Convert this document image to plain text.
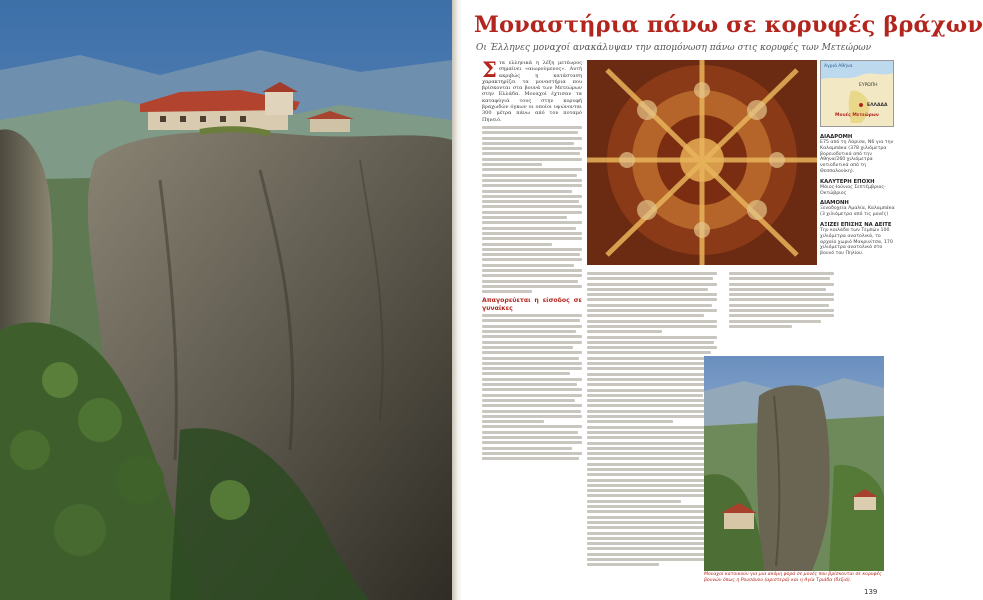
Μοναστήρια πάνω σε κορυφές βράχων
Οι Έλληνες μοναχοί ανακάλυψαν την απομόνωση πάνω στις κορυφές των Μετεώρων
Σ τα ελληνικά η λέξη μετέωρος σημαίνει «αιωρούμενος». Αυτή ακριβώς η κατάσταση χαρακτηρίζει τα μοναστήρια που βρίσκονται στα βουνά των Μετεώρων στην Ελλάδα. Μοναχοί έχτισαν τα καταφύγιά τους στην κορυφή βραχωδών όγκων οι οποίοι υψώνονται 300 μέτρα πάνω από τον ποταμό Πηνειό.
Απαγορεύεται η είσοδος σε γυναίκες
Αγριό Αθήνα
ΕΥΡΩΠΗ
ΕΛΛΑΔΑ
Μονές Μετεώρων
ΔΙΑΔΡΟΜΗ
E75 από τη Λάρισα, Ν6 για την Καλαμπάκα (378 χιλιόμετρα βορειοδυτικά από την Αθήνα/260 χιλιόμετρα νοτιοδυτικά από τη Θεσσαλονίκη).
ΚΑΛΥΤΕΡΗ ΕΠΟΧΗ
Μάιος-Ιούνιος Σεπτέμβριος-Οκτώβριος
ΔΙΑΜΟΝΗ
Ξενοδοχεία Αμαλία, Καλαμπάκα (3 χιλιόμετρα από τις μονές)
ΑΞΙΖΕΙ ΕΠΙΣΗΣ ΝΑ ΔΕΙΤΕ
Την κοιλάδα των Τεμπών 100 χιλιόμετρα ανατολικά, το αρχαίο χωριό Μακρινίτσα, 170 χιλιόμετρα ανατολικά στο βουνό του Πηλίου.
Μοναχοί κατοικούν για μια ακόμη φορά σε μονές που βρίσκονται σε κορυφές βουνών όπως η Ρουσάνου (αριστερά) και η Αγία Τριάδα (δεξιά).
139
